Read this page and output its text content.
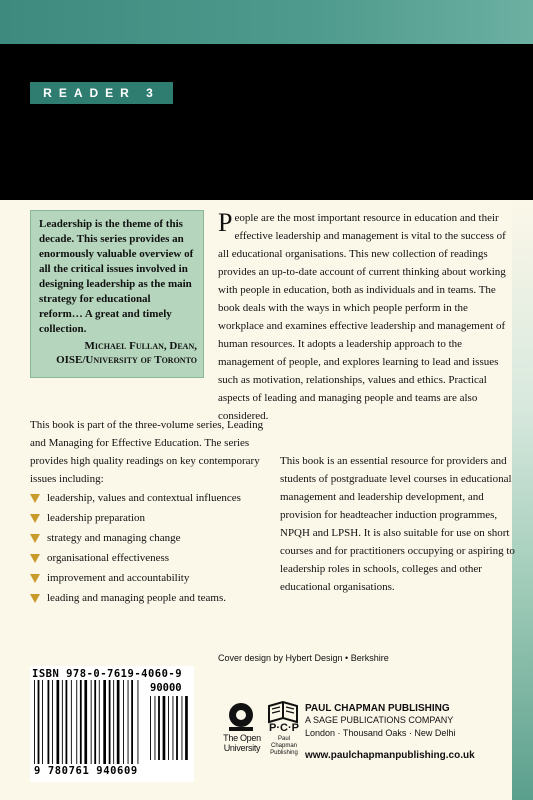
READER 3

Leadership is the theme of this decade. This series provides an enormously valuable overview of all the critical issues involved in designing leadership as the main strategy for educational reform… A great and timely collection.

Michael Fullan, Dean,
OISE/University of Toronto

People are the most important resource in education and their effective leadership and management is vital to the success of all educational organisations. This new collection of readings provides an up-to-date account of current thinking about working with people in education, both as individuals and in teams. The book deals with the ways in which people perform in the workplace and examines effective leadership and management of human resources. It adopts a leadership approach to the management of people, and explores learning to lead and issues such as motivation, relationships, values and ethics. Practical aspects of leading and managing people and teams are also considered.

This book is an essential resource for providers and students of postgraduate level courses in educational management and leadership development, and provision for headteacher induction programmes, NPQH and LPSH. It is also suitable for use on short courses and for practitioners occupying or aspiring to leadership roles in schools, colleges and other educational organisations.

This book is part of the three-volume series, Leading and Managing for Effective Education. The series provides high quality readings on key contemporary issues including:

leadership, values and contextual influences
leadership preparation
strategy and managing change
organisational effectiveness
improvement and accountability
leading and managing people and teams.
Cover design by Hybert Design • Berkshire
ISBN 978-0-7619-4060-9
90000
9 780761 940609
The Open University
P·C·P
Paul Chapman Publishing
PAUL CHAPMAN PUBLISHING
A SAGE PUBLICATIONS COMPANY
London · Thousand Oaks · New Delhi
www.paulchapmanpublishing.co.uk
